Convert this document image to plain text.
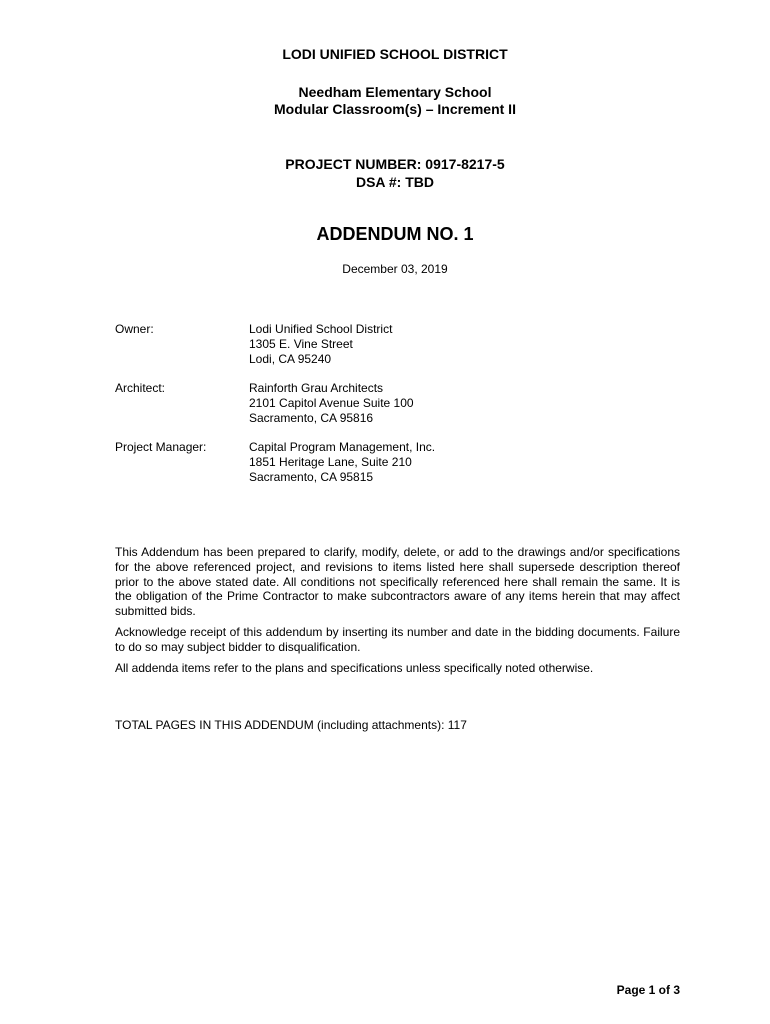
LODI UNIFIED SCHOOL DISTRICT
Needham Elementary School
Modular Classroom(s) – Increment II
PROJECT NUMBER: 0917-8217-5
DSA #: TBD
ADDENDUM NO. 1
December 03, 2019
Owner:	Lodi Unified School District
1305 E. Vine Street
Lodi, CA 95240
Architect:	Rainforth Grau Architects
2101 Capitol Avenue Suite 100
Sacramento, CA 95816
Project Manager:	Capital Program Management, Inc.
1851 Heritage Lane, Suite 210
Sacramento, CA 95815

This Addendum has been prepared to clarify, modify, delete, or add to the drawings and/or specifications for the above referenced project, and revisions to items listed here shall supersede description thereof prior to the above stated date. All conditions not specifically referenced here shall remain the same. It is the obligation of the Prime Contractor to make subcontractors aware of any items herein that may affect submitted bids.

Acknowledge receipt of this addendum by inserting its number and date in the bidding documents. Failure to do so may subject bidder to disqualification.

All addenda items refer to the plans and specifications unless specifically noted otherwise.

TOTAL PAGES IN THIS ADDENDUM (including attachments): 117
Page 1 of 3
